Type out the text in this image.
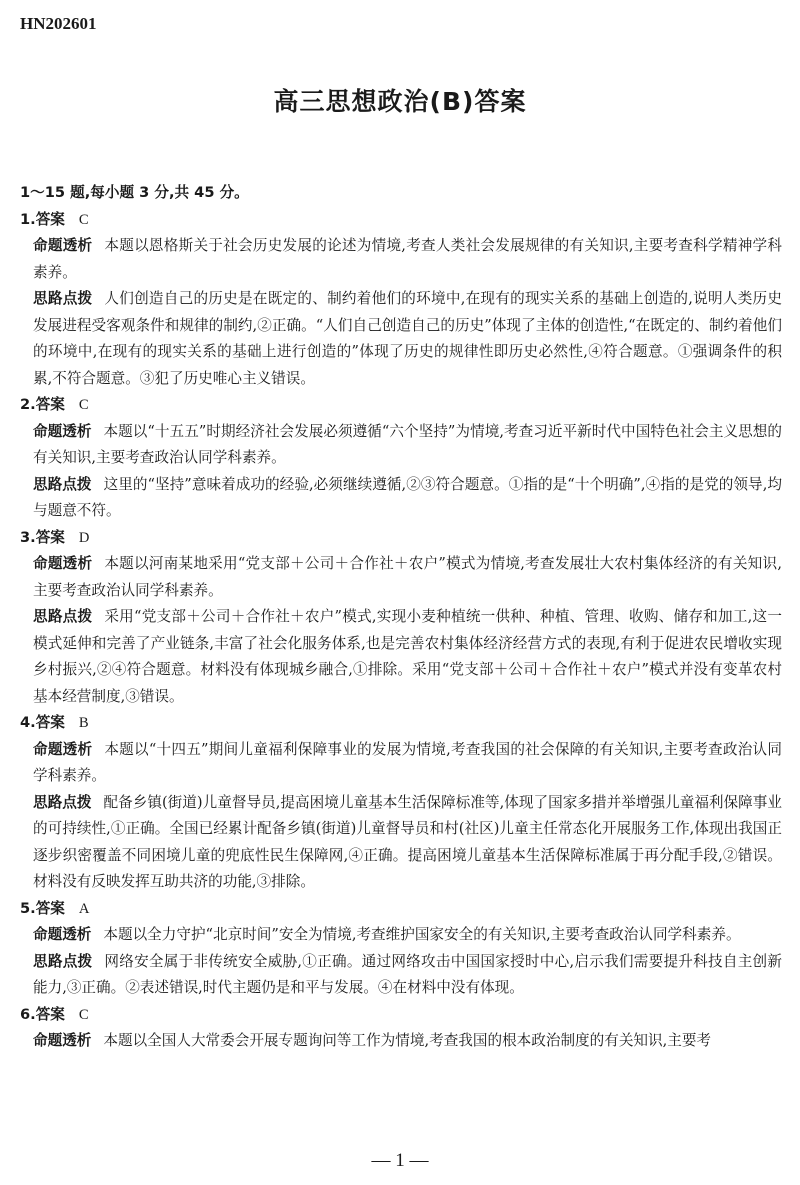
HN202601
高三思想政治(B)答案

1～15 题,每小题 3 分,共 45 分。

1.答案 C

命题透析 本题以恩格斯关于社会历史发展的论述为情境,考查人类社会发展规律的有关知识,主要考查科学精神学科素养。

思路点拨 人们创造自己的历史是在既定的、制约着他们的环境中,在现有的现实关系的基础上创造的,说明人类历史发展进程受客观条件和规律的制约,②正确。“人们自己创造自己的历史”体现了主体的创造性,“在既定的、制约着他们的环境中,在现有的现实关系的基础上进行创造的”体现了历史的规律性即历史必然性,④符合题意。①强调条件的积累,不符合题意。③犯了历史唯心主义错误。

2.答案 C

命题透析 本题以“十五五”时期经济社会发展必须遵循“六个坚持”为情境,考查习近平新时代中国特色社会主义思想的有关知识,主要考查政治认同学科素养。

思路点拨 这里的“坚持”意味着成功的经验,必须继续遵循,②③符合题意。①指的是“十个明确”,④指的是党的领导,均与题意不符。

3.答案 D

命题透析 本题以河南某地采用“党支部＋公司＋合作社＋农户”模式为情境,考查发展壮大农村集体经济的有关知识,主要考查政治认同学科素养。

思路点拨 采用“党支部＋公司＋合作社＋农户”模式,实现小麦种植统一供种、种植、管理、收购、储存和加工,这一模式延伸和完善了产业链条,丰富了社会化服务体系,也是完善农村集体经济经营方式的表现,有利于促进农民增收实现乡村振兴,②④符合题意。材料没有体现城乡融合,①排除。采用“党支部＋公司＋合作社＋农户”模式并没有变革农村基本经营制度,③错误。

4.答案 B

命题透析 本题以“十四五”期间儿童福利保障事业的发展为情境,考查我国的社会保障的有关知识,主要考查政治认同学科素养。

思路点拨 配备乡镇(街道)儿童督导员,提高困境儿童基本生活保障标准等,体现了国家多措并举增强儿童福利保障事业的可持续性,①正确。全国已经累计配备乡镇(街道)儿童督导员和村(社区)儿童主任常态化开展服务工作,体现出我国正逐步织密覆盖不同困境儿童的兜底性民生保障网,④正确。提高困境儿童基本生活保障标准属于再分配手段,②错误。材料没有反映发挥互助共济的功能,③排除。

5.答案 A

命题透析 本题以全力守护“北京时间”安全为情境,考查维护国家安全的有关知识,主要考查政治认同学科素养。

思路点拨 网络安全属于非传统安全威胁,①正确。通过网络攻击中国国家授时中心,启示我们需要提升科技自主创新能力,③正确。②表述错误,时代主题仍是和平与发展。④在材料中没有体现。

6.答案 C

命题透析 本题以全国人大常委会开展专题询问等工作为情境,考查我国的根本政治制度的有关知识,主要考

— 1 —
